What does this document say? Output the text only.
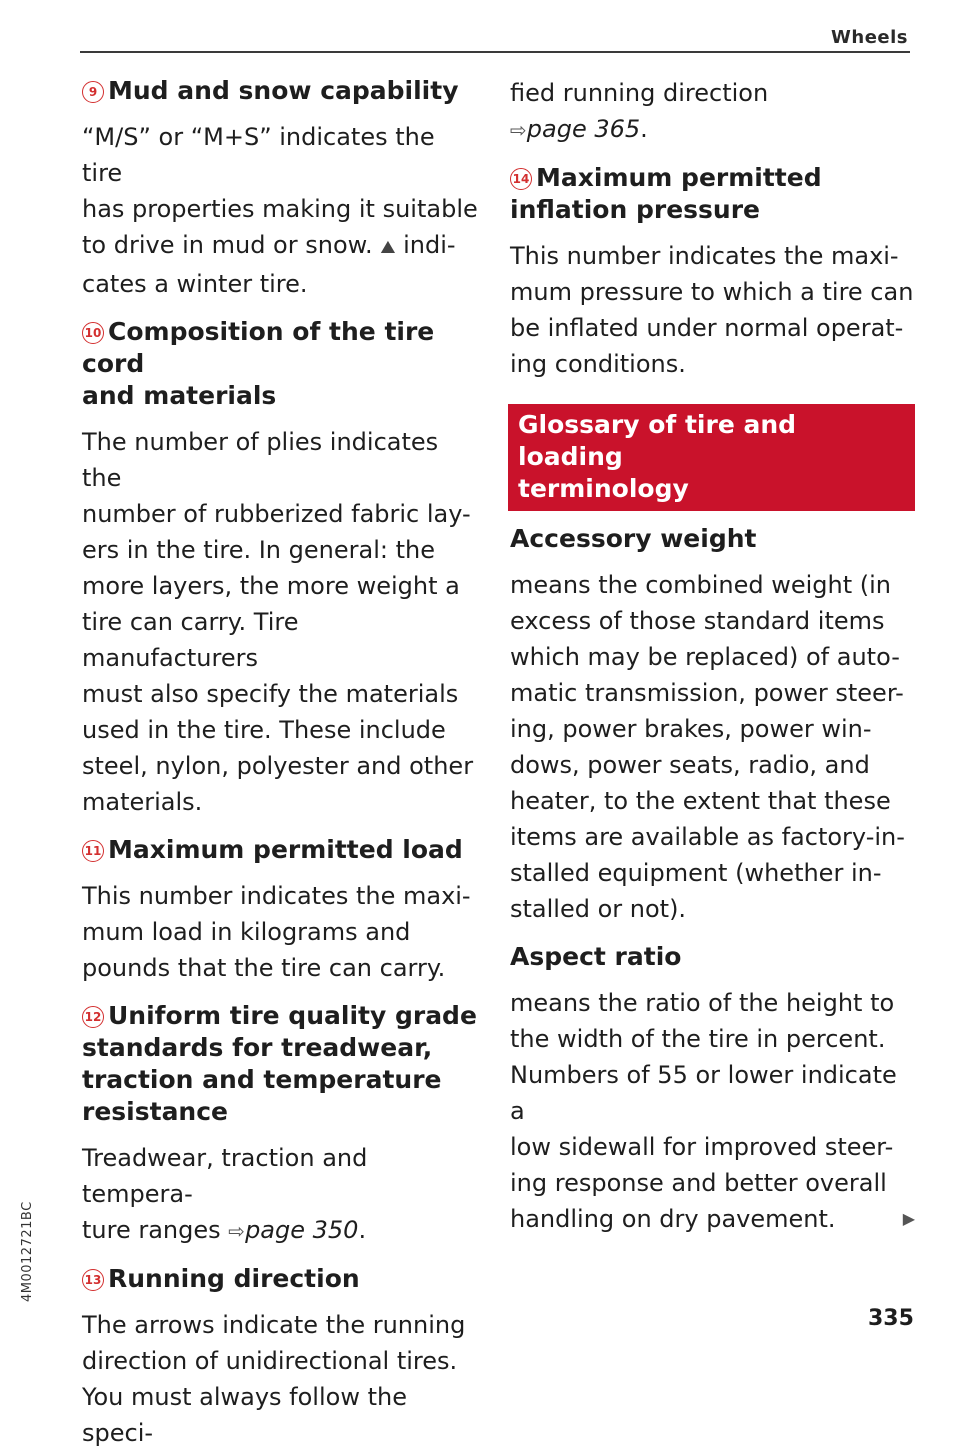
Wheels
9 Mud and snow capability

“M/S” or “M+S” indicates the tire

has properties making it suitable

to drive in mud or snow. ⛰ indi-

cates a winter tire.

10 Composition of the tire cord
and materials

The number of plies indicates the

number of rubberized fabric lay-

ers in the tire. In general: the

more layers, the more weight a

tire can carry. Tire manufacturers

must also specify the materials

used in the tire. These include

steel, nylon, polyester and other

materials.

11 Maximum permitted load

This number indicates the maxi-

mum load in kilograms and

pounds that the tire can carry.

12 Uniform tire quality grade
standards for treadwear,
traction and temperature
resistance

Treadwear, traction and tempera-

ture ranges ⇨page 350.

13 Running direction

The arrows indicate the running

direction of unidirectional tires.

You must always follow the speci-

fied running direction

⇨page 365.

14 Maximum permitted
inflation pressure

This number indicates the maxi-

mum pressure to which a tire can

be inflated under normal operat-

ing conditions.

Glossary of tire and loading
terminology
Accessory weight

means the combined weight (in

excess of those standard items

which may be replaced) of auto-

matic transmission, power steer-

ing, power brakes, power win-

dows, power seats, radio, and

heater, to the extent that these

items are available as factory-in-

stalled equipment (whether in-

stalled or not).

Aspect ratio

means the ratio of the height to

the width of the tire in percent.

Numbers of 55 or lower indicate a

low sidewall for improved steer-

ing response and better overall

handling on dry pavement.	▶

4M0012721BC
335
